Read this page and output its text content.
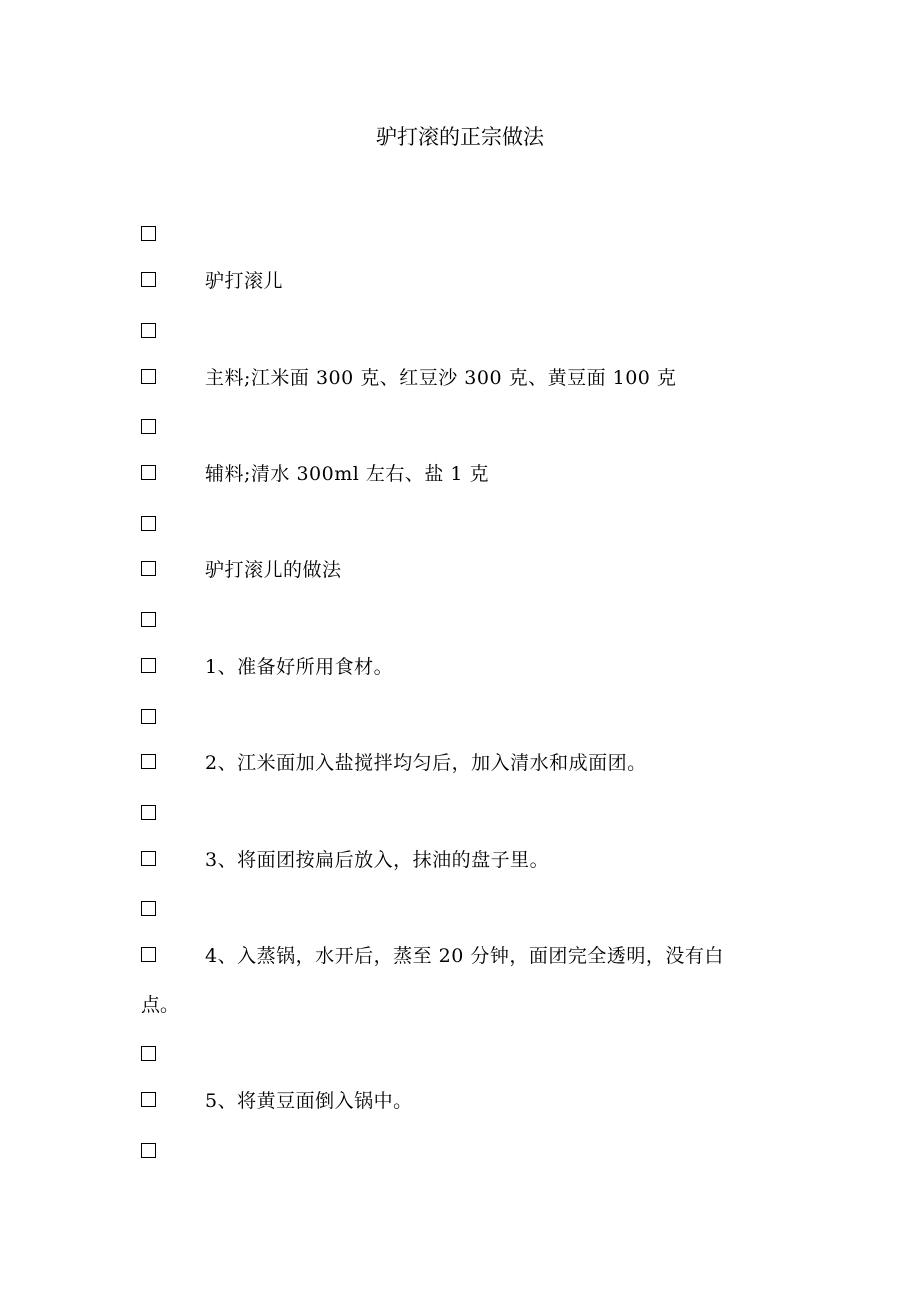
驴打滚的正宗做法
驴打滚儿
主料;江米面 300 克、红豆沙 300 克、黄豆面 100 克
辅料;清水 300ml 左右、盐 1 克
驴打滚儿的做法
1、准备好所用食材。
2、江米面加入盐搅拌均匀后，加入清水和成面团。
3、将面团按扁后放入，抹油的盘子里。
4、入蒸锅，水开后，蒸至 20 分钟，面团完全透明，没有白
点。
5、将黄豆面倒入锅中。
